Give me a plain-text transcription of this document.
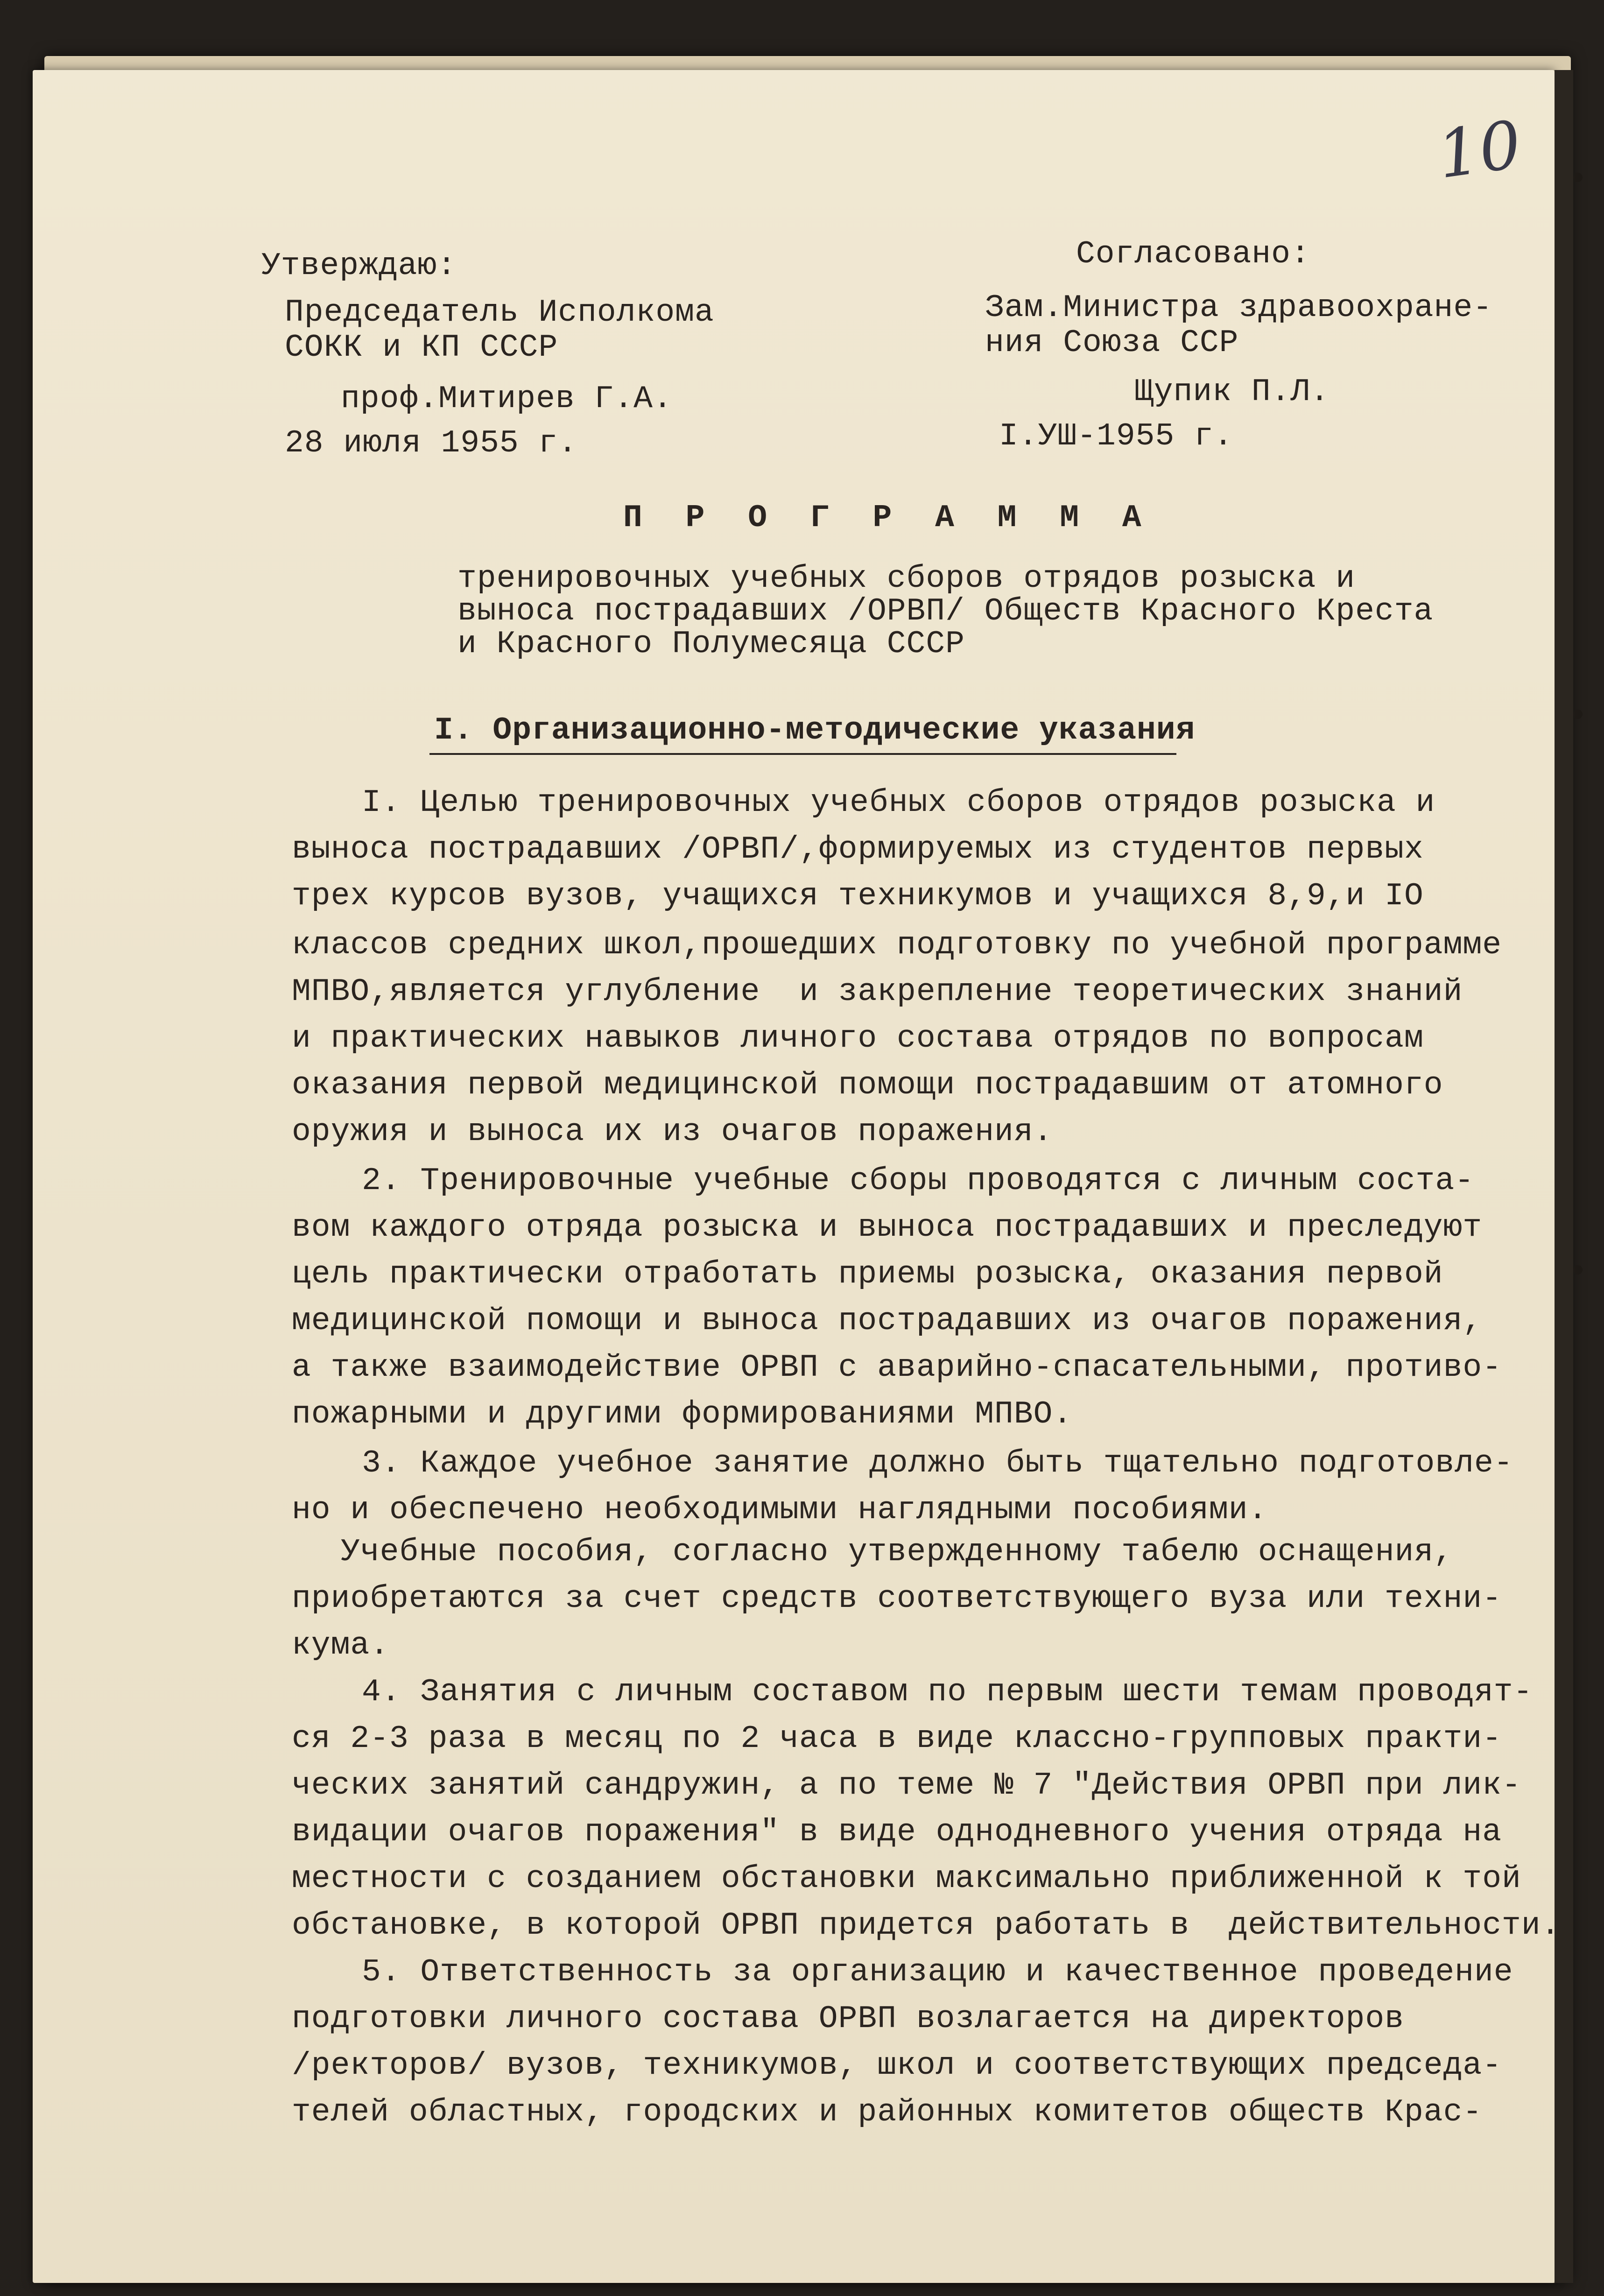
10
Утверждаю:
Председатель Исполкома
СОКК и КП СССР
проф.Митирев Г.А.
28 июля 1955 г.
Согласовано:
Зам.Министра здравоохране-
ния Союза ССР
Щупик П.Л.
I.УШ-1955 г.
П Р О Г Р А М М А
тренировочных учебных сборов отрядов розыска и
выноса пострадавших /ОРВП/ Обществ Красного Креста
и Красного Полумесяца СССР
I. Организационно-методические указания
I. Целью тренировочных учебных сборов отрядов розыска и
выноса пострадавших /ОРВП/,формируемых из студентов первых
трех курсов вузов, учащихся техникумов и учащихся 8,9,и IO
классов средних школ,прошедших подготовку по учебной программе
МПВО,является углубление  и закрепление теоретических знаний
и практических навыков личного состава отрядов по вопросам
оказания первой медицинской помощи пострадавшим от атомного
оружия и выноса их из очагов поражения.
2. Тренировочные учебные сборы проводятся с личным соста-
вом каждого отряда розыска и выноса пострадавших и преследуют
цель практически отработать приемы розыска, оказания первой
медицинской помощи и выноса пострадавших из очагов поражения,
а также взаимодействие ОРВП с аварийно-спасательными, противо-
пожарными и другими формированиями МПВО.
3. Каждое учебное занятие должно быть тщательно подготовле-
но и обеспечено необходимыми наглядными пособиями.
Учебные пособия, согласно утвержденному табелю оснащения,
приобретаются за счет средств соответствующего вуза или техни-
кума.
4. Занятия с личным составом по первым шести темам проводят-
ся 2-3 раза в месяц по 2 часа в виде классно-групповых практи-
ческих занятий сандружин, а по теме № 7 "Действия ОРВП при лик-
видации очагов поражения" в виде однодневного учения отряда на
местности с созданием обстановки максимально приближенной к той
обстановке, в которой ОРВП придется работать в  действительности.
5. Ответственность за организацию и качественное проведение
подготовки личного состава ОРВП возлагается на директоров
/ректоров/ вузов, техникумов, школ и соответствующих председа-
телей областных, городских и районных комитетов обществ Крас-
